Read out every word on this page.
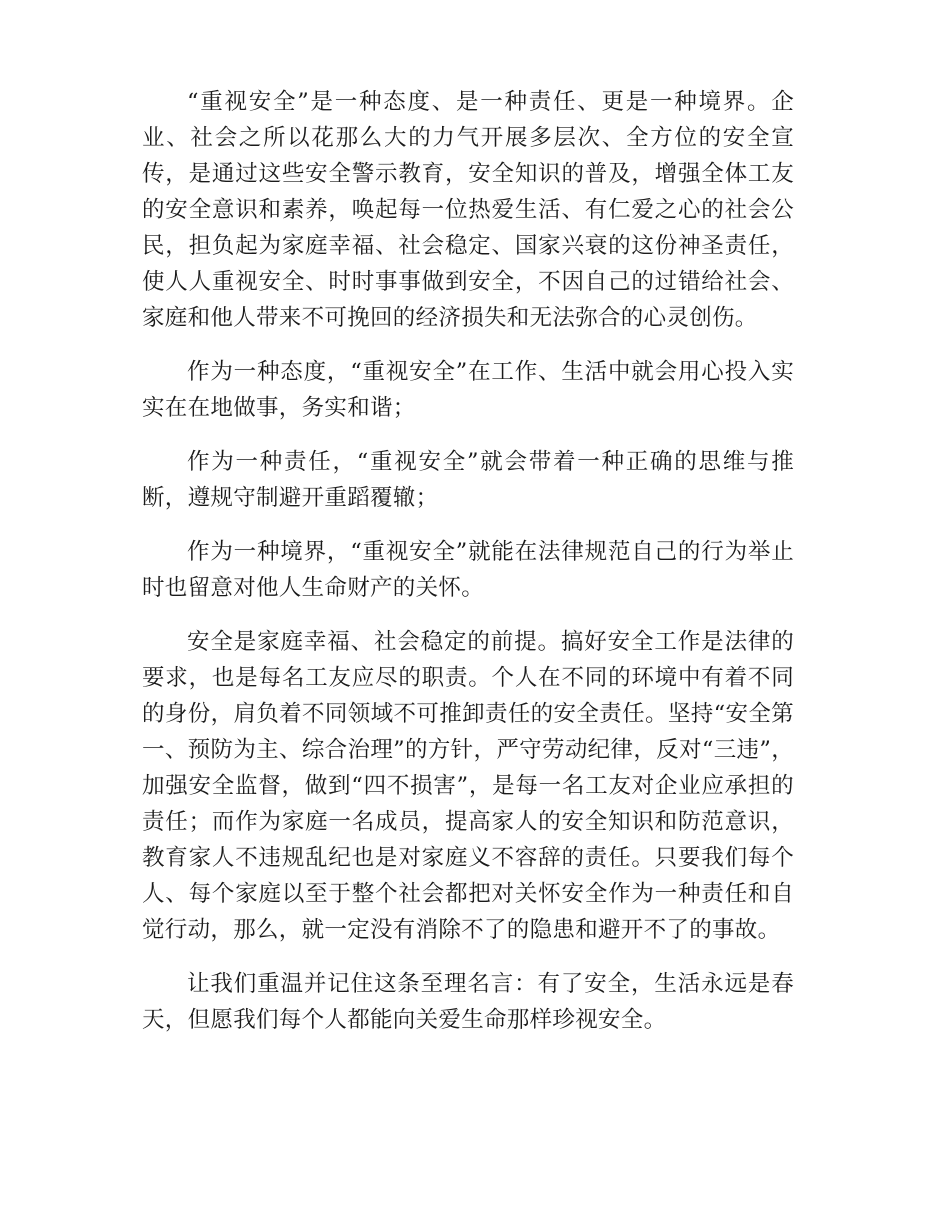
“重视安全”是一种态度、是一种责任、更是一种境界。企业、社会之所以花那么大的力气开展多层次、全方位的安全宣传，是通过这些安全警示教育，安全知识的普及，增强全体工友的安全意识和素养，唤起每一位热爱生活、有仁爱之心的社会公民，担负起为家庭幸福、社会稳定、国家兴衰的这份神圣责任，使人人重视安全、时时事事做到安全，不因自己的过错给社会、家庭和他人带来不可挽回的经济损失和无法弥合的心灵创伤。

作为一种态度，“重视安全”在工作、生活中就会用心投入实实在在地做事，务实和谐；

作为一种责任，“重视安全”就会带着一种正确的思维与推断，遵规守制避开重蹈覆辙；

作为一种境界，“重视安全”就能在法律规范自己的行为举止时也留意对他人生命财产的关怀。

安全是家庭幸福、社会稳定的前提。搞好安全工作是法律的要求，也是每名工友应尽的职责。个人在不同的环境中有着不同的身份，肩负着不同领域不可推卸责任的安全责任。坚持“安全第一、预防为主、综合治理”的方针，严守劳动纪律，反对“三违”，加强安全监督，做到“四不损害”，是每一名工友对企业应承担的责任；而作为家庭一名成员，提高家人的安全知识和防范意识，教育家人不违规乱纪也是对家庭义不容辞的责任。只要我们每个人、每个家庭以至于整个社会都把对关怀安全作为一种责任和自觉行动，那么，就一定没有消除不了的隐患和避开不了的事故。

让我们重温并记住这条至理名言：有了安全，生活永远是春天，但愿我们每个人都能向关爱生命那样珍视安全。
